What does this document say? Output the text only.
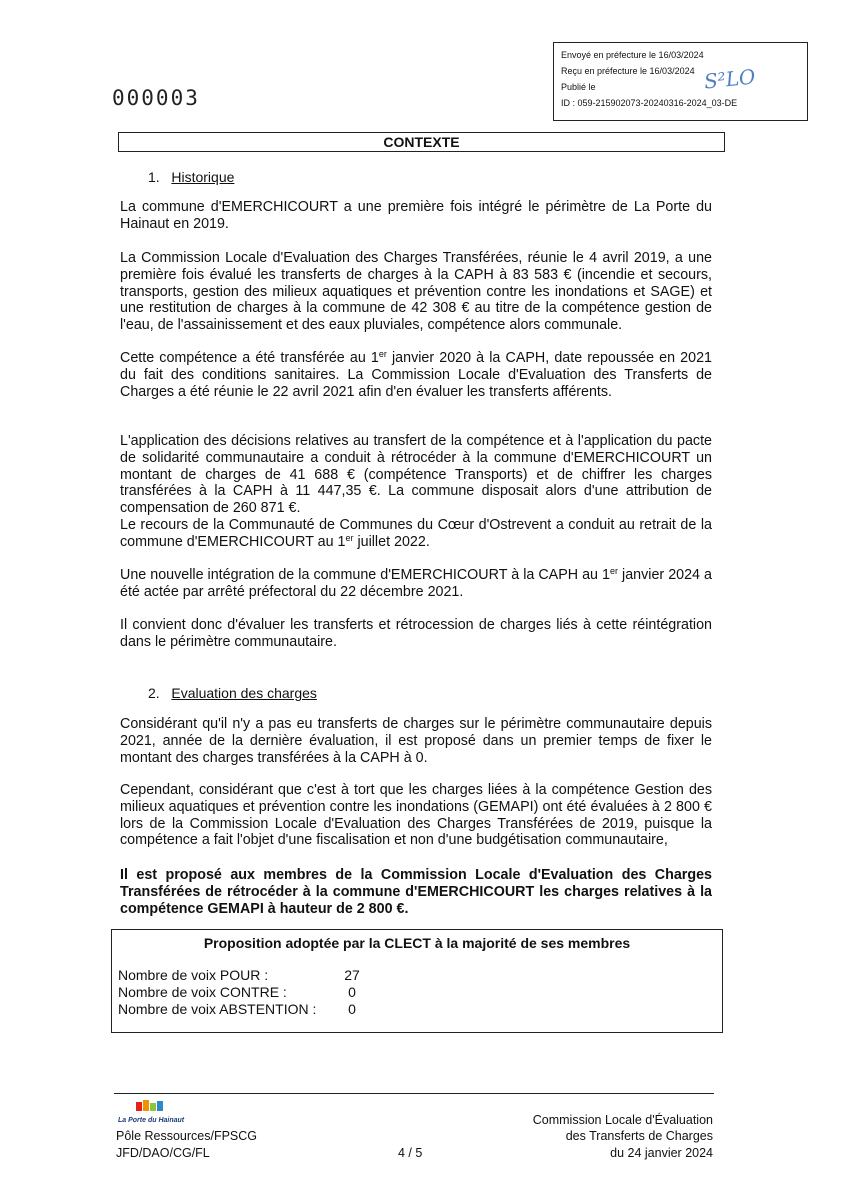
000003
Envoyé en préfecture le 16/03/2024
Reçu en préfecture le 16/03/2024
Publié le
ID : 059-215902073-20240316-2024_03-DE
S²LO
CONTEXTE
1. Historique
La commune d'EMERCHICOURT a une première fois intégré le périmètre de La Porte du Hainaut en 2019.
La Commission Locale d'Evaluation des Charges Transférées, réunie le 4 avril 2019, a une première fois évalué les transferts de charges à la CAPH à 83 583 € (incendie et secours, transports, gestion des milieux aquatiques et prévention contre les inondations et SAGE) et une restitution de charges à la commune de 42 308 € au titre de la compétence gestion de l'eau, de l'assainissement et des eaux pluviales, compétence alors communale.
Cette compétence a été transférée au 1er janvier 2020 à la CAPH, date repoussée en 2021 du fait des conditions sanitaires. La Commission Locale d'Evaluation des Transferts de Charges a été réunie le 22 avril 2021 afin d'en évaluer les transferts afférents.
L'application des décisions relatives au transfert de la compétence et à l'application du pacte de solidarité communautaire a conduit à rétrocéder à la commune d'EMERCHICOURT un montant de charges de 41 688 € (compétence Transports) et de chiffrer les charges transférées à la CAPH à 11 447,35 €. La commune disposait alors d'une attribution de compensation de 260 871 €.
Le recours de la Communauté de Communes du Cœur d'Ostrevent a conduit au retrait de la commune d'EMERCHICOURT au 1er juillet 2022.
Une nouvelle intégration de la commune d'EMERCHICOURT à la CAPH au 1er janvier 2024 a été actée par arrêté préfectoral du 22 décembre 2021.
Il convient donc d'évaluer les transferts et rétrocession de charges liés à cette réintégration dans le périmètre communautaire.
2. Evaluation des charges
Considérant qu'il n'y a pas eu transferts de charges sur le périmètre communautaire depuis 2021, année de la dernière évaluation, il est proposé dans un premier temps de fixer le montant des charges transférées à la CAPH à 0.
Cependant, considérant que c'est à tort que les charges liées à la compétence Gestion des milieux aquatiques et prévention contre les inondations (GEMAPI) ont été évaluées à 2 800 € lors de la Commission Locale d'Evaluation des Charges Transférées de 2019, puisque la compétence a fait l'objet d'une fiscalisation et non d'une budgétisation communautaire,
Il est proposé aux membres de la Commission Locale d'Evaluation des Charges Transférées de rétrocéder à la commune d'EMERCHICOURT les charges relatives à la compétence GEMAPI à hauteur de 2 800 €.
Proposition adoptée par la CLECT à la majorité de ses membres
Nombre de voix POUR :	27
Nombre de voix CONTRE :	0
Nombre de voix ABSTENTION :	0
La Porte du Hainaut
Pôle Ressources/FPSCG
JFD/DAO/CG/FL	4 / 5
Commission Locale d'Évaluation
des Transferts de Charges
du 24 janvier 2024
